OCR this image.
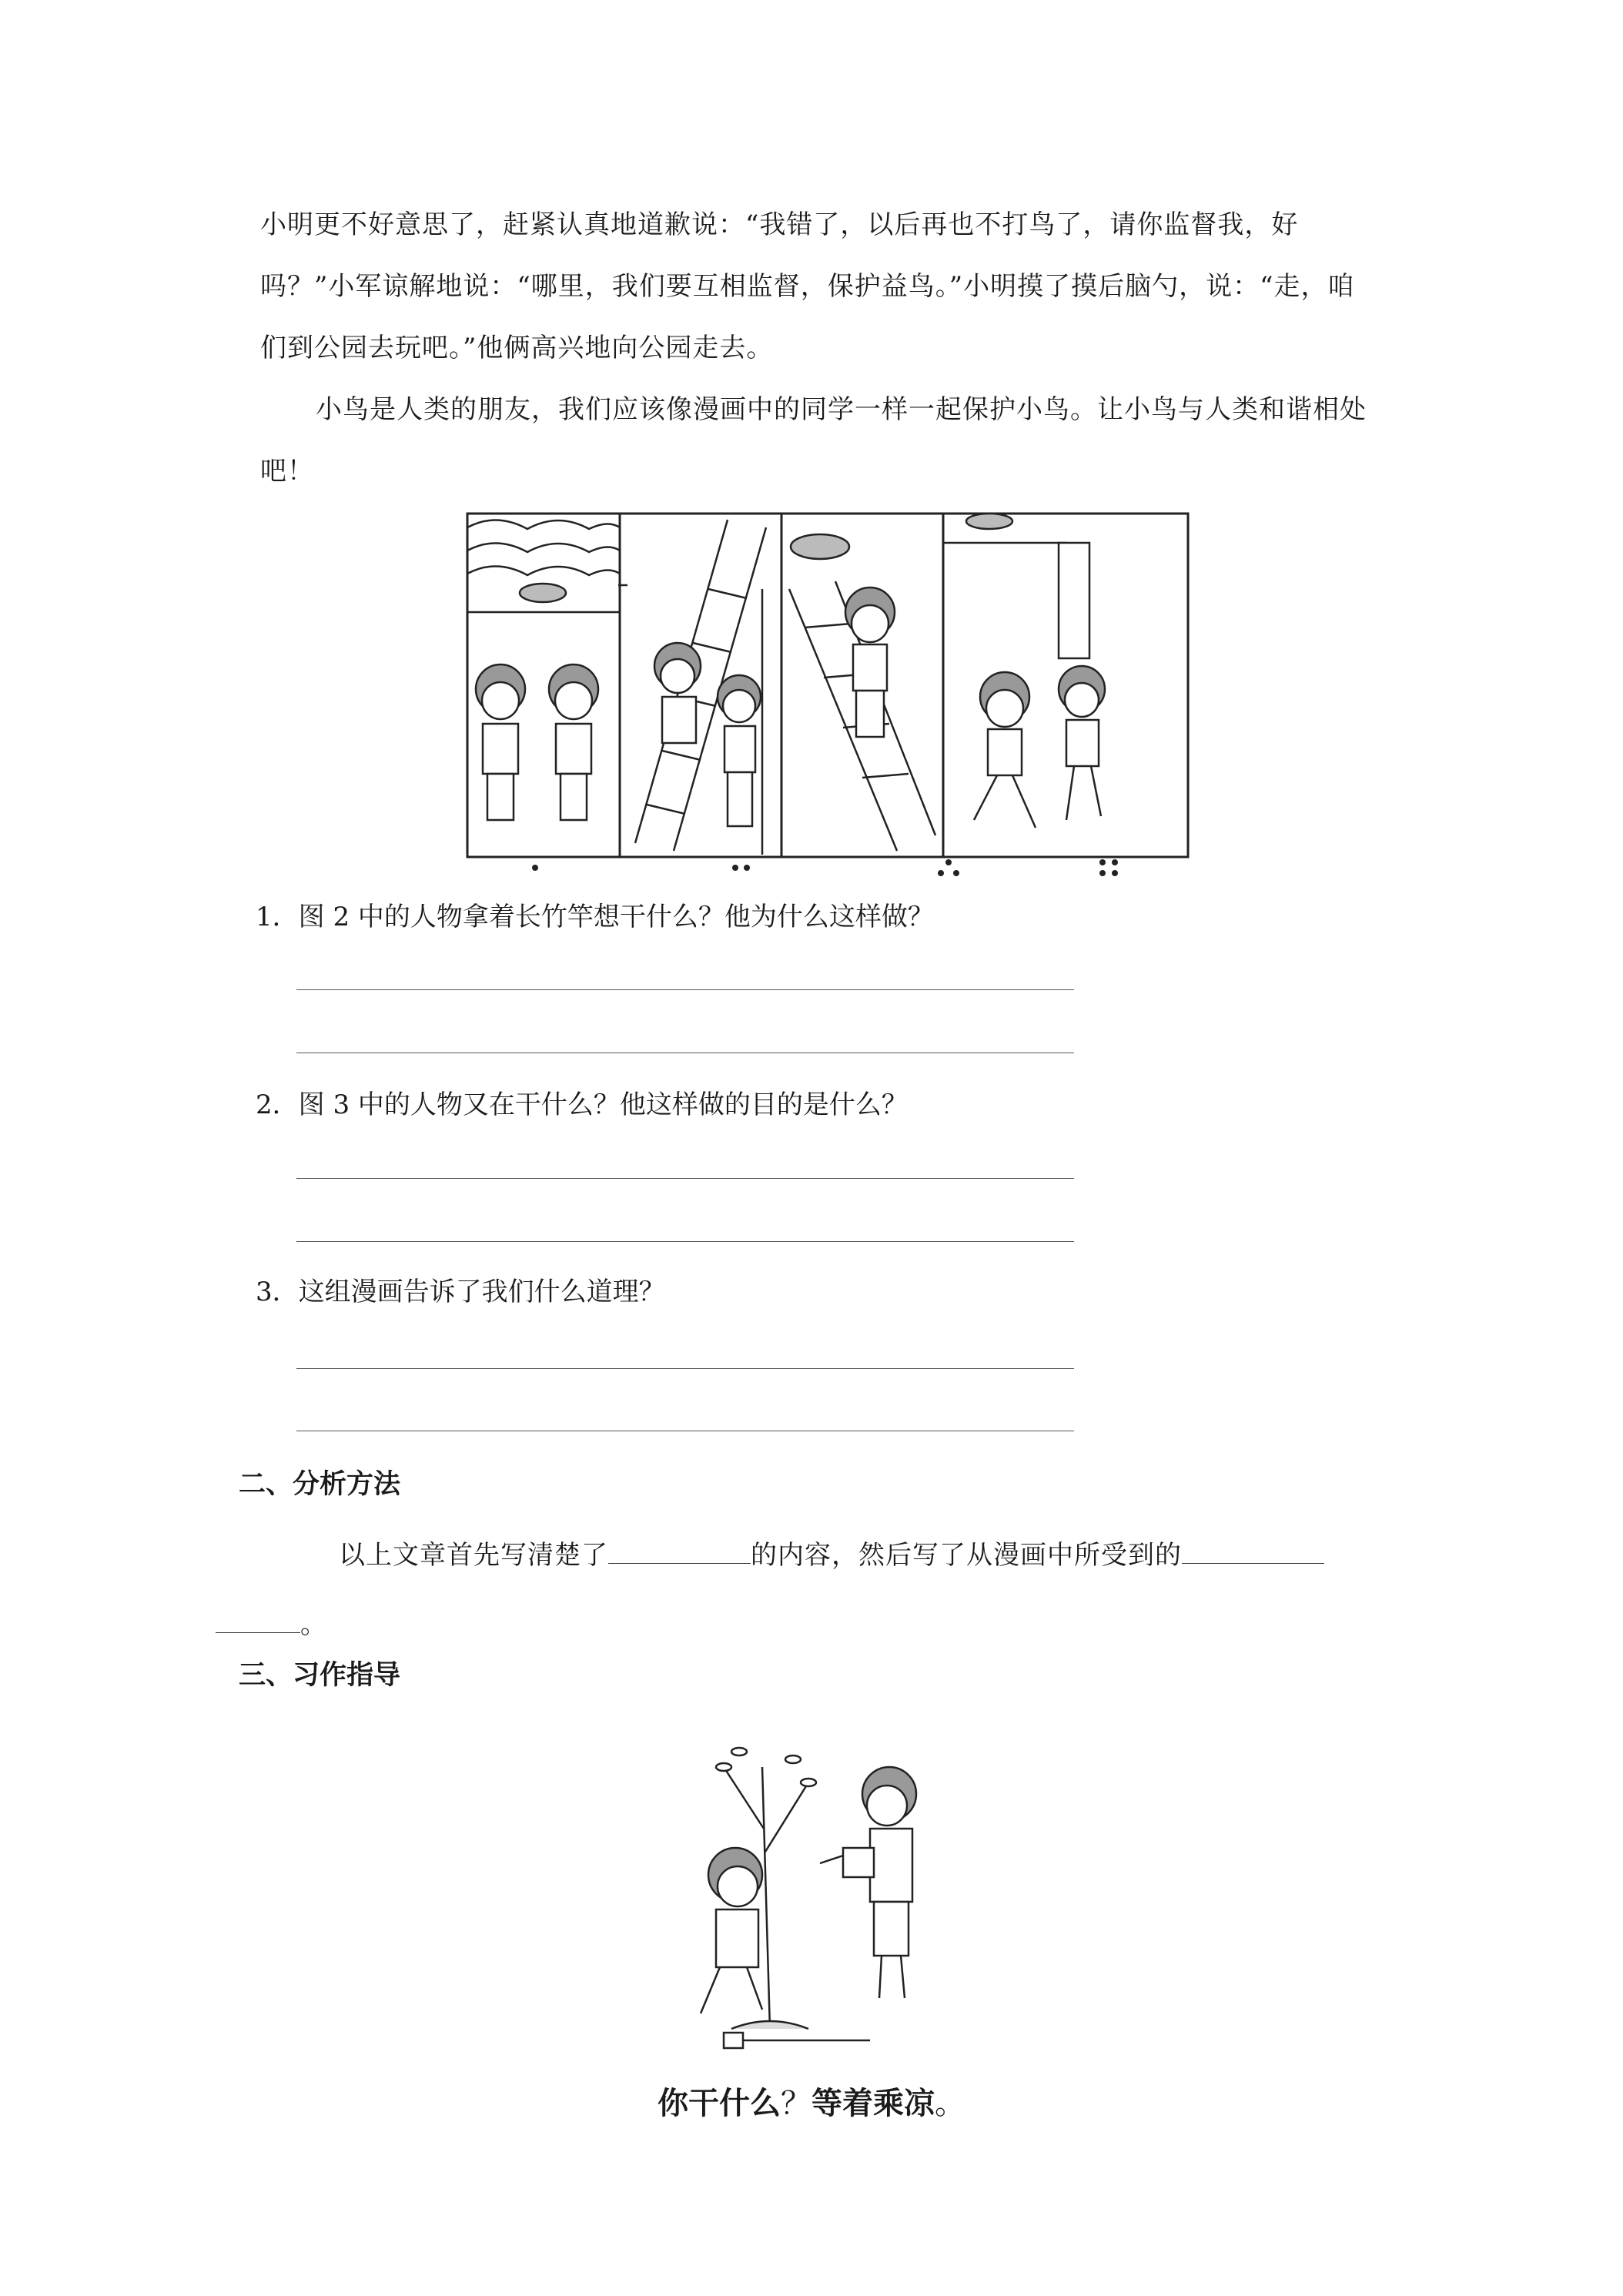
小明更不好意思了，赶紧认真地道歉说：“我错了，以后再也不打鸟了，请你监督我，好吗？”小军谅解地说：“哪里，我们要互相监督，保护益鸟。”小明摸了摸后脑勺，说：“走，咱们到公园去玩吧。”他俩高兴地向公园走去。

小鸟是人类的朋友，我们应该像漫画中的同学一样一起保护小鸟。让小鸟与人类和谐相处吧！

1．图 2 中的人物拿着长竹竿想干什么？他为什么这样做？

2．图 3 中的人物又在干什么？他这样做的目的是什么？

3．这组漫画告诉了我们什么道理？

二、分析方法

以上文章首先写清楚了	的内容，然后写了从漫画中所受到的
。

三、习作指导

你干什么？等着乘凉。
